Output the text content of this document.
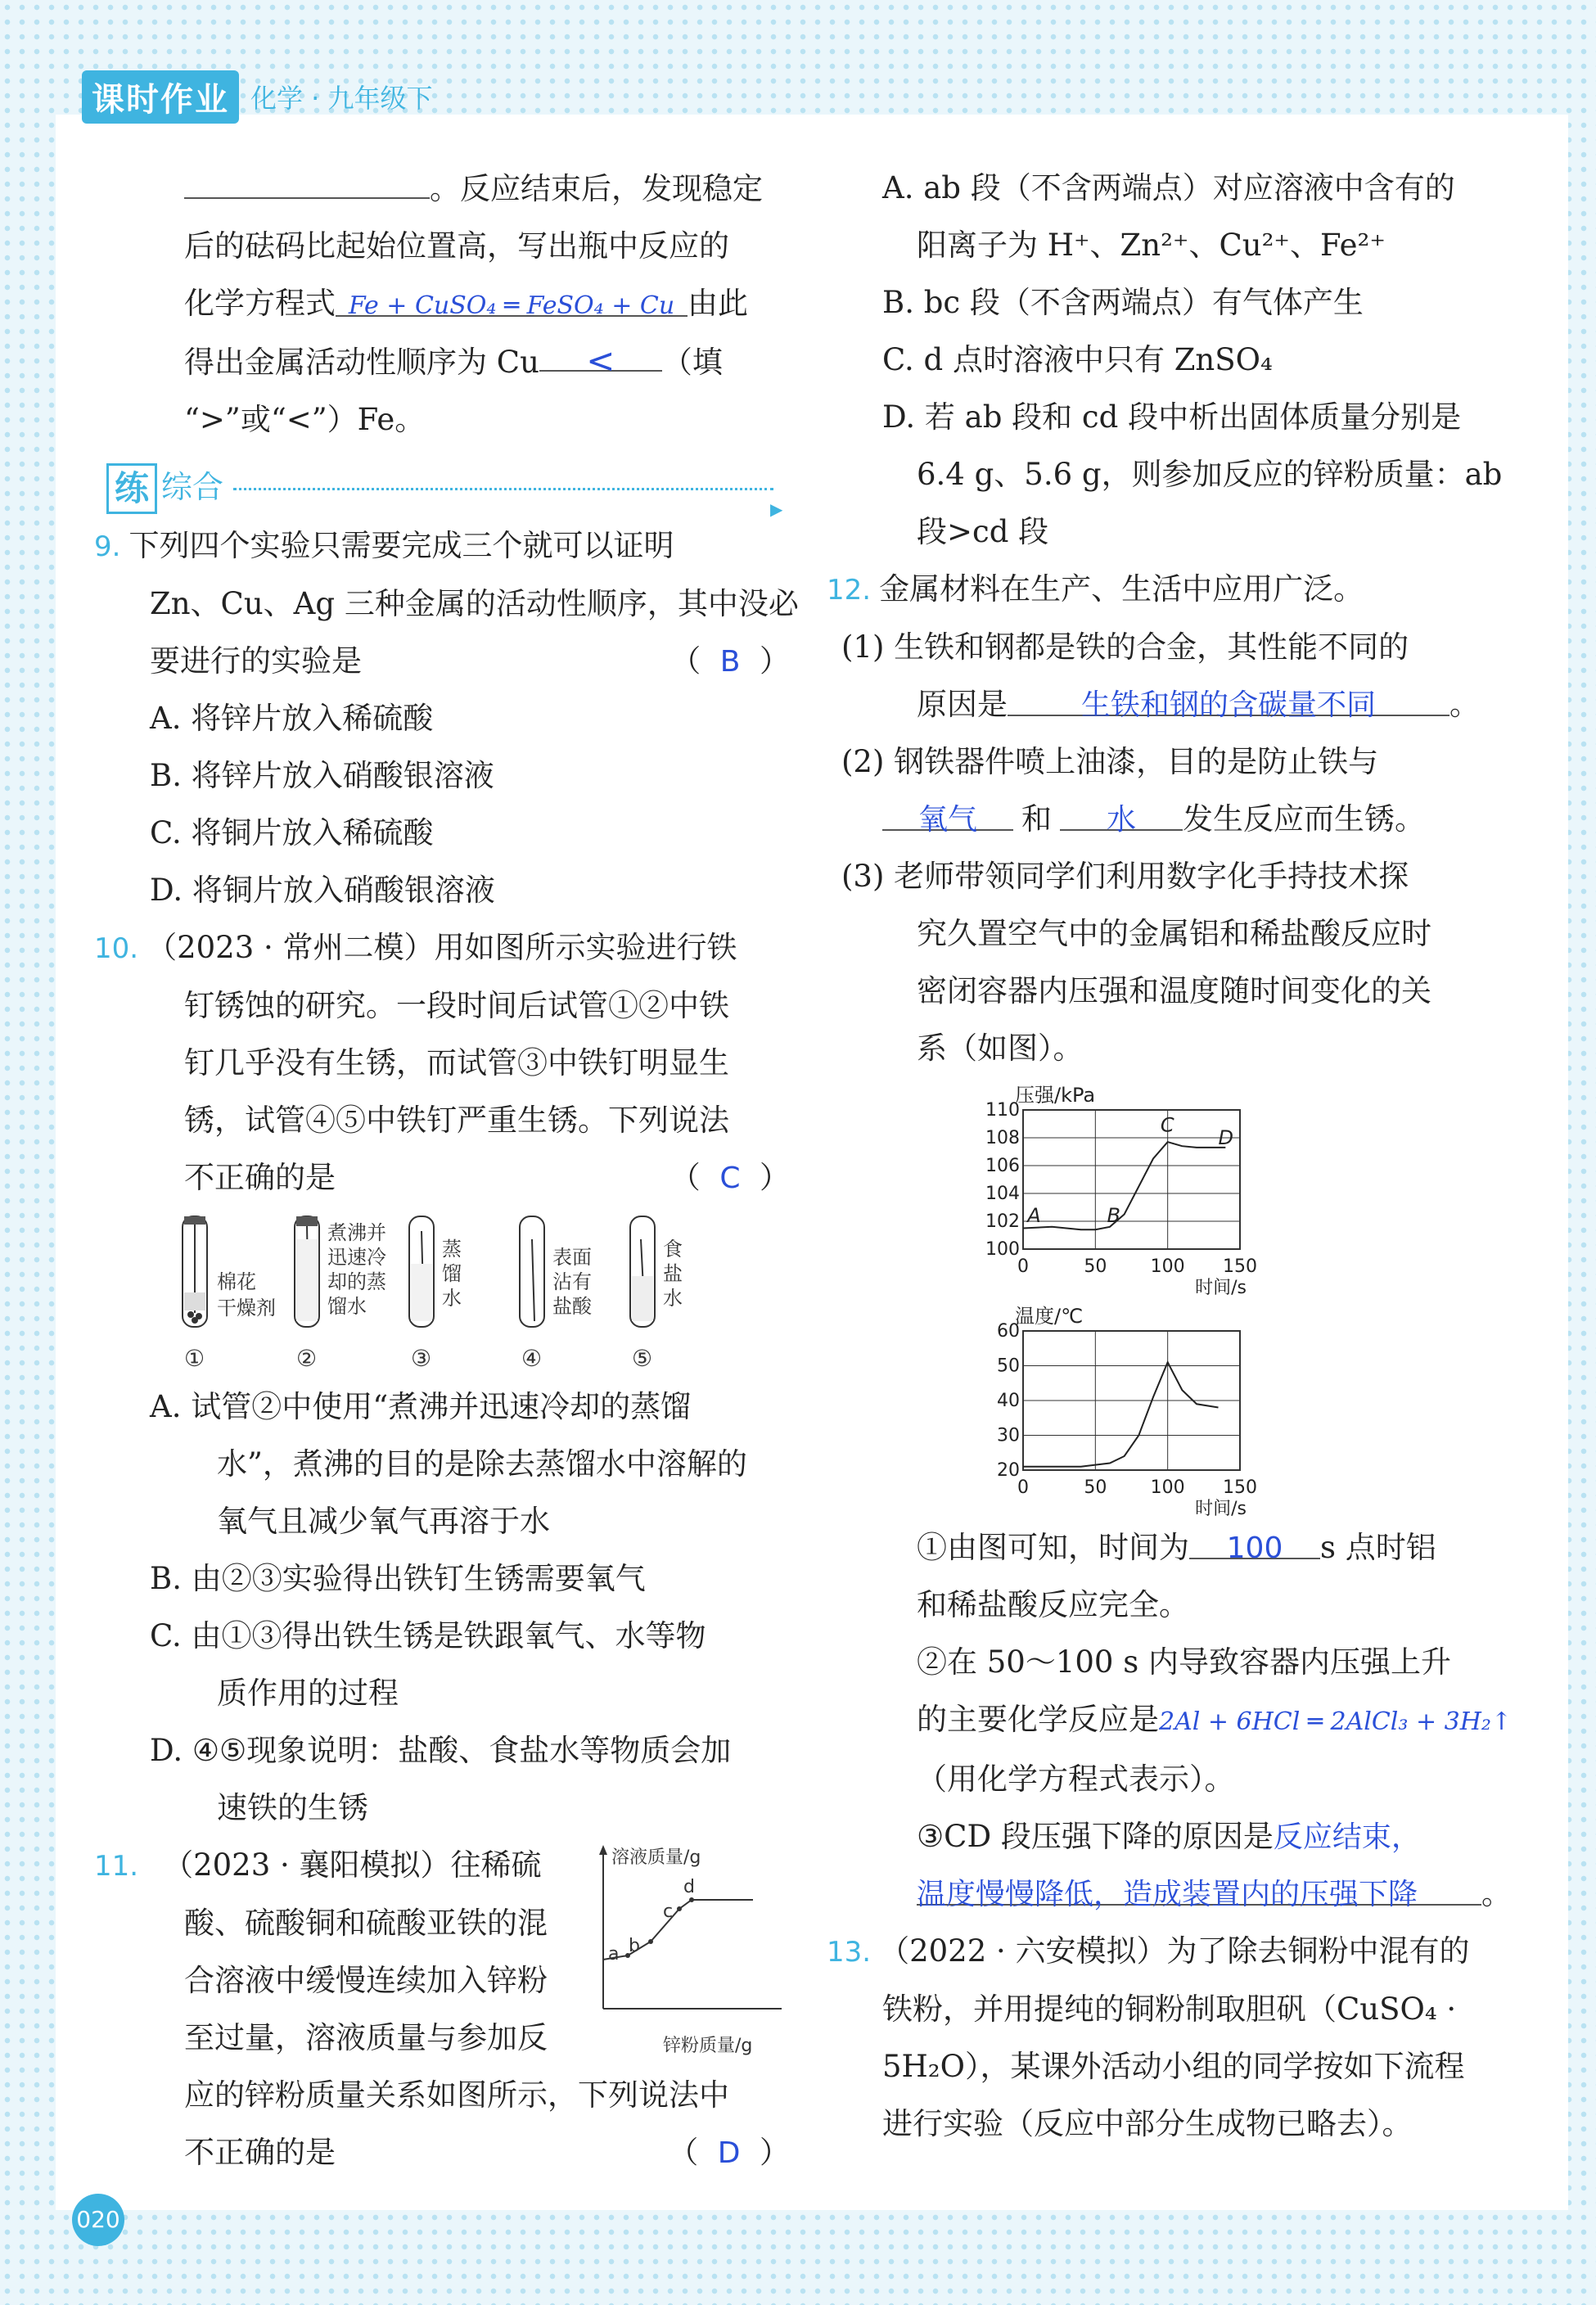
课时作业 化学 · 九年级下
。反应结束后，发现稳定
后的砝码比起始位置高，写出瓶中反应的
化学方程式 Fe + CuSO₄ ═ FeSO₄ + Cu 由此
得出金属活动性顺序为 Cu < （填
“>”或“<”）Fe。
练 综合
▶
9. 下列四个实验只需要完成三个就可以证明
Zn、Cu、Ag 三种金属的活动性顺序，其中没必
要进行的实验是	（  B  ）
A. 将锌片放入稀硫酸
B. 将锌片放入硝酸银溶液
C. 将铜片放入稀硫酸
D. 将铜片放入硝酸银溶液
10. （2023 · 常州二模）用如图所示实验进行铁
钉锈蚀的研究。一段时间后试管①②中铁
钉几乎没有生锈，而试管③中铁钉明显生
锈，试管④⑤中铁钉严重生锈。下列说法
不正确的是	（  C  ）
棉花
干燥剂
煮沸并
迅速冷
却的蒸
馏水
蒸
馏
水
表面
沾有
盐酸
食
盐
水
①	②	③	④	⑤
A. 试管②中使用“煮沸并迅速冷却的蒸馏
水”，煮沸的目的是除去蒸馏水中溶解的
氧气且减少氧气再溶于水
B. 由②③实验得出铁钉生锈需要氧气
C. 由①③得出铁生锈是铁跟氧气、水等物
质作用的过程
D. ④⑤现象说明：盐酸、食盐水等物质会加
速铁的生锈
11. （2023 · 襄阳模拟）往稀硫
酸、硫酸铜和硫酸亚铁的混
合溶液中缓慢连续加入锌粉
至过量，溶液质量与参加反
溶液质量/g
锌粉质量/g
a b
c
d
应的锌粉质量关系如图所示，下列说法中
不正确的是	（  D  ）
A. ab 段（不含两端点）对应溶液中含有的
阳离子为 H⁺、Zn²⁺、Cu²⁺、Fe²⁺
B. bc 段（不含两端点）有气体产生
C. d 点时溶液中只有 ZnSO₄
D. 若 ab 段和 cd 段中析出固体质量分别是
6.4 g、5.6 g，则参加反应的锌粉质量：ab
段>cd 段
12. 金属材料在生产、生活中应用广泛。
(1) 生铁和钢都是铁的合金，其性能不同的
原因是 生铁和钢的含碳量不同 。
(2) 钢铁器件喷上油漆，目的是防止铁与
氧气 和 水 发生反应而生锈。
(3) 老师带领同学们利用数字化手持技术探
究久置空气中的金属铝和稀盐酸反应时
密闭容器内压强和温度随时间变化的关
系（如图）。
100
102
104
106
108
110
0	50 100 150
压强/kPa
时间/s
A	B
C
D
20
30
40
50
60
0	50 100 150
温度/℃
时间/s
①由图可知，时间为 100 s 点时铝
和稀盐酸反应完全。
②在 50～100 s 内导致容器内压强上升
的主要化学反应是2Al + 6HCl ═ 2AlCl₃ + 3H₂↑
（用化学方程式表示）。
③CD 段压强下降的原因是反应结束，
温度慢慢降低，造成装置内的压强下降 。
13. （2022 · 六安模拟）为了除去铜粉中混有的
铁粉，并用提纯的铜粉制取胆矾（CuSO₄ ·
5H₂O），某课外活动小组的同学按如下流程
进行实验（反应中部分生成物已略去）。
020
